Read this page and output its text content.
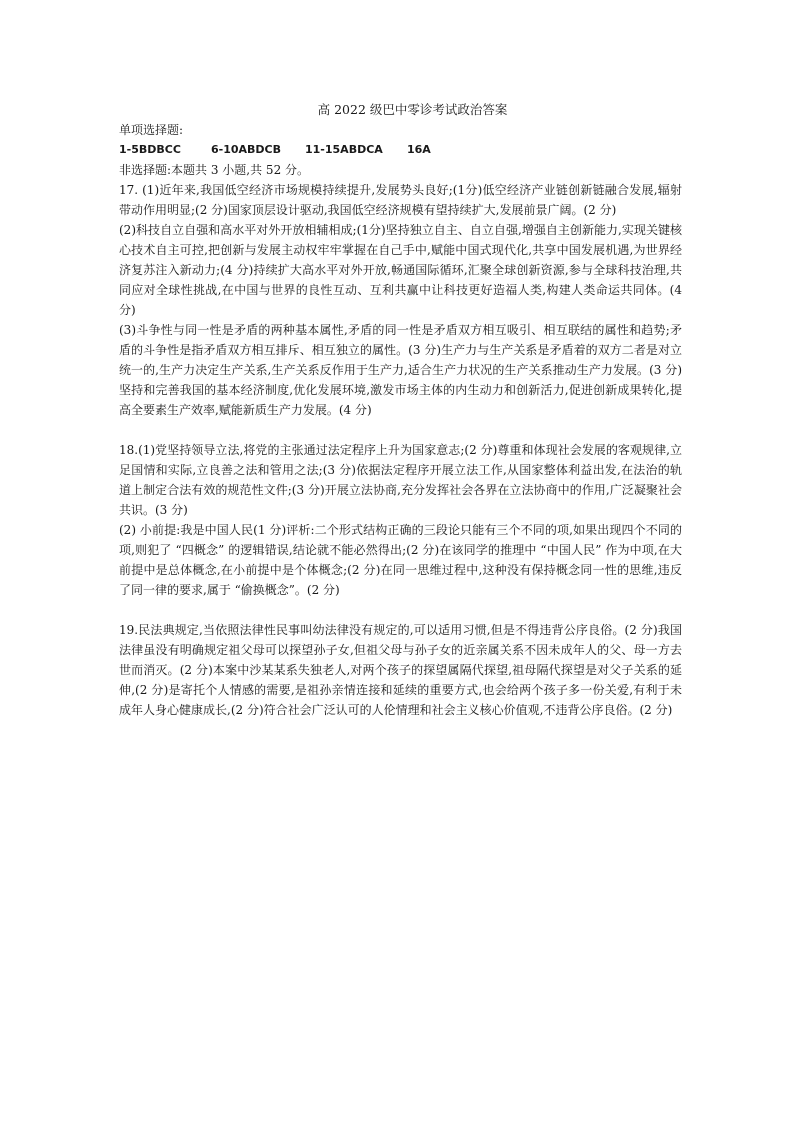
高 2022 级巴中零诊考试政治答案
单项选择题:
1-5BDBCC	6-10ABDCB	11-15ABDCA	16A
非选择题:本题共 3 小题,共 52 分。
17. (1)近年来,我国低空经济市场规模持续提升,发展势头良好;(1分)低空经济产业链创新链融合发展,辐射带动作用明显;(2 分)国家顶层设计驱动,我国低空经济规模有望持续扩大,发展前景广阔。(2 分)
(2)科技自立自强和高水平对外开放相辅相成;(1分)坚持独立自主、自立自强,增强自主创新能力,实现关键核心技术自主可控,把创新与发展主动权牢牢掌握在自己手中,赋能中国式现代化,共享中国发展机遇,为世界经济复苏注入新动力;(4 分)持续扩大高水平对外开放,畅通国际循环,汇聚全球创新资源,参与全球科技治理,共同应对全球性挑战,在中国与世界的良性互动、互利共赢中让科技更好造福人类,构建人类命运共同体。(4 分)
(3)斗争性与同一性是矛盾的两种基本属性,矛盾的同一性是矛盾双方相互吸引、相互联结的属性和趋势;矛盾的斗争性是指矛盾双方相互排斥、相互独立的属性。(3 分)生产力与生产关系是矛盾着的双方二者是对立统一的,生产力决定生产关系,生产关系反作用于生产力,适合生产力状况的生产关系推动生产力发展。(3 分)坚持和完善我国的基本经济制度,优化发展环境,激发市场主体的内生动力和创新活力,促进创新成果转化,提高全要素生产效率,赋能新质生产力发展。(4 分)
18.(1)党坚持领导立法,将党的主张通过法定程序上升为国家意志;(2 分)尊重和体现社会发展的客观规律,立足国情和实际,立良善之法和管用之法;(3 分)依据法定程序开展立法工作,从国家整体利益出发,在法治的轨道上制定合法有效的规范性文件;(3 分)开展立法协商,充分发挥社会各界在立法协商中的作用,广泛凝聚社会共识。(3 分)
(2) 小前提:我是中国人民(1 分)评析:二个形式结构正确的三段论只能有三个不同的项,如果出现四个不同的项,则犯了 “四概念” 的逻辑错误,结论就不能必然得出;(2 分)在该同学的推理中 “中国人民” 作为中项,在大前提中是总体概念,在小前提中是个体概念;(2 分)在同一思维过程中,这种没有保持概念同一性的思维,违反了同一律的要求,属于 “偷换概念”。(2 分)
19.民法典规定,当依照法律性民事叫幼法律没有规定的,可以适用习惯,但是不得违背公序良俗。(2 分)我国法律虽没有明确规定祖父母可以探望孙子女,但祖父母与孙子女的近亲属关系不因未成年人的父、母一方去世而消灭。(2 分)本案中沙某某系失独老人,对两个孩子的探望属隔代探望,祖母隔代探望是对父子关系的延伸,(2 分)是寄托个人情感的需要,是祖孙亲情连接和延续的重要方式,也会给两个孩子多一份关爱,有利于未成年人身心健康成长,(2 分)符合社会广泛认可的人伦情理和社会主义核心价值观,不违背公序良俗。(2 分)
